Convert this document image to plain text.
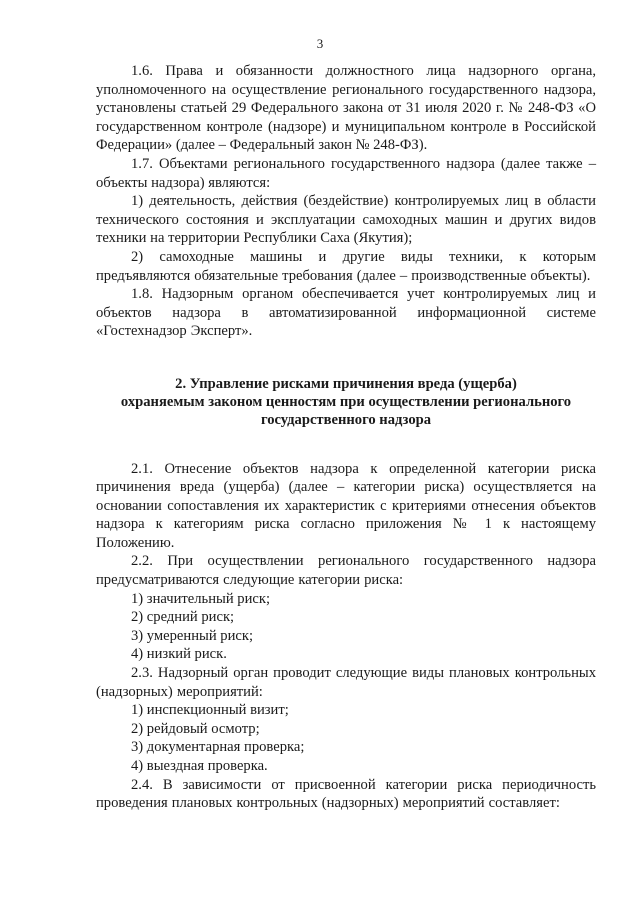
3

1.6. Права и обязанности должностного лица надзорного органа, уполномоченного на осуществление регионального государственного надзора, установлены статьей 29 Федерального закона от 31 июля 2020 г. № 248-ФЗ «О государственном контроле (надзоре) и муниципальном контроле в Российской Федерации» (далее – Федеральный закон № 248-ФЗ).

1.7. Объектами регионального государственного надзора (далее также – объекты надзора) являются:

1) деятельность, действия (бездействие) контролируемых лиц в области технического состояния и эксплуатации самоходных машин и других видов техники на территории Республики Саха (Якутия);

2) самоходные машины и другие виды техники, к которым предъявляются обязательные требования (далее – производственные объекты).

1.8. Надзорным органом обеспечивается учет контролируемых лиц и объектов надзора в автоматизированной информационной системе «Гостехнадзор Эксперт».

2. Управление рисками причинения вреда (ущерба)
охраняемым законом ценностям при осуществлении регионального
государственного надзора

2.1. Отнесение объектов надзора к определенной категории риска причинения вреда (ущерба) (далее – категории риска) осуществляется на основании сопоставления их характеристик с критериями отнесения объектов надзора к категориям риска согласно приложения № 1 к настоящему Положению.

2.2. При осуществлении регионального государственного надзора предусматриваются следующие категории риска:

1) значительный риск;

2) средний риск;

3) умеренный риск;

4) низкий риск.

2.3. Надзорный орган проводит следующие виды плановых контрольных (надзорных) мероприятий:

1) инспекционный визит;

2) рейдовый осмотр;

3) документарная проверка;

4) выездная проверка.

2.4. В зависимости от присвоенной категории риска периодичность проведения плановых контрольных (надзорных) мероприятий составляет:
